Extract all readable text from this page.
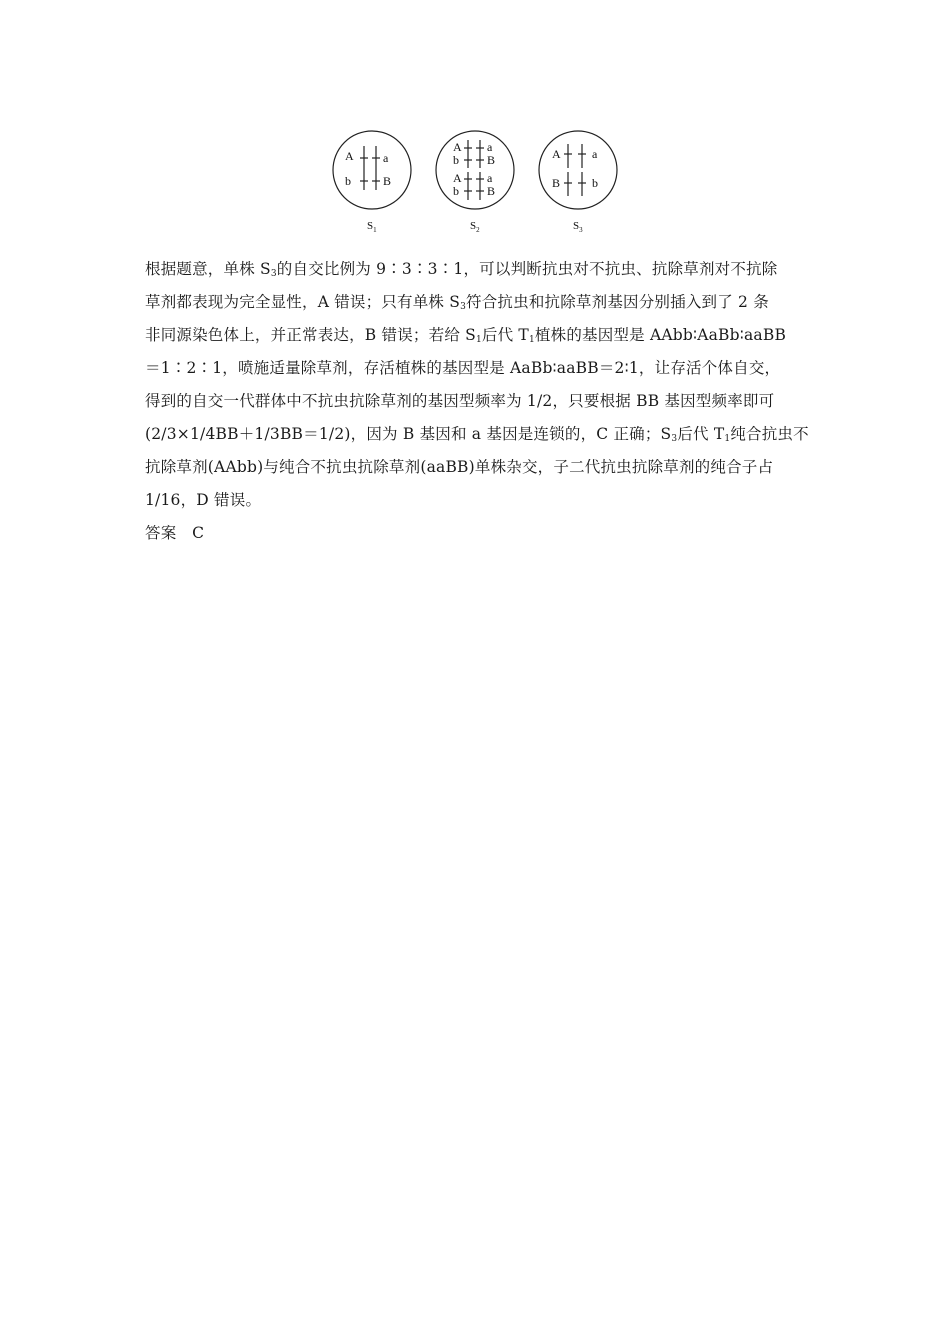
A a
b	B
$S_1$
A a
b B
A a
b B
$S_2$
A	a
B	b
$S_3$
根据题意，单株 $S_3$的自交比例为 9∶3∶3∶1，可以判断抗虫对不抗虫、抗除草剂对不抗除
草剂都表现为完全显性，A 错误；只有单株 $S_3$符合抗虫和抗除草剂基因分别插入到了 2 条
非同源染色体上，并正常表达，B 错误；若给 $S_1$后代 $T_1$植株的基因型是 AAbb∶AaBb∶aaBB
＝1∶2∶1，喷施适量除草剂，存活植株的基因型是 AaBb∶aaBB＝2∶1，让存活个体自交，
得到的自交一代群体中不抗虫抗除草剂的基因型频率为 1/2，只要根据 BB 基因型频率即可
(2/3×1/4BB＋1/3BB＝1/2)，因为 B 基因和 a 基因是连锁的，C 正确；$S_3$后代 $T_1$纯合抗虫不
抗除草剂(AAbb)与纯合不抗虫抗除草剂(aaBB)单株杂交，子二代抗虫抗除草剂的纯合子占
1/16，D 错误。
答案　C
